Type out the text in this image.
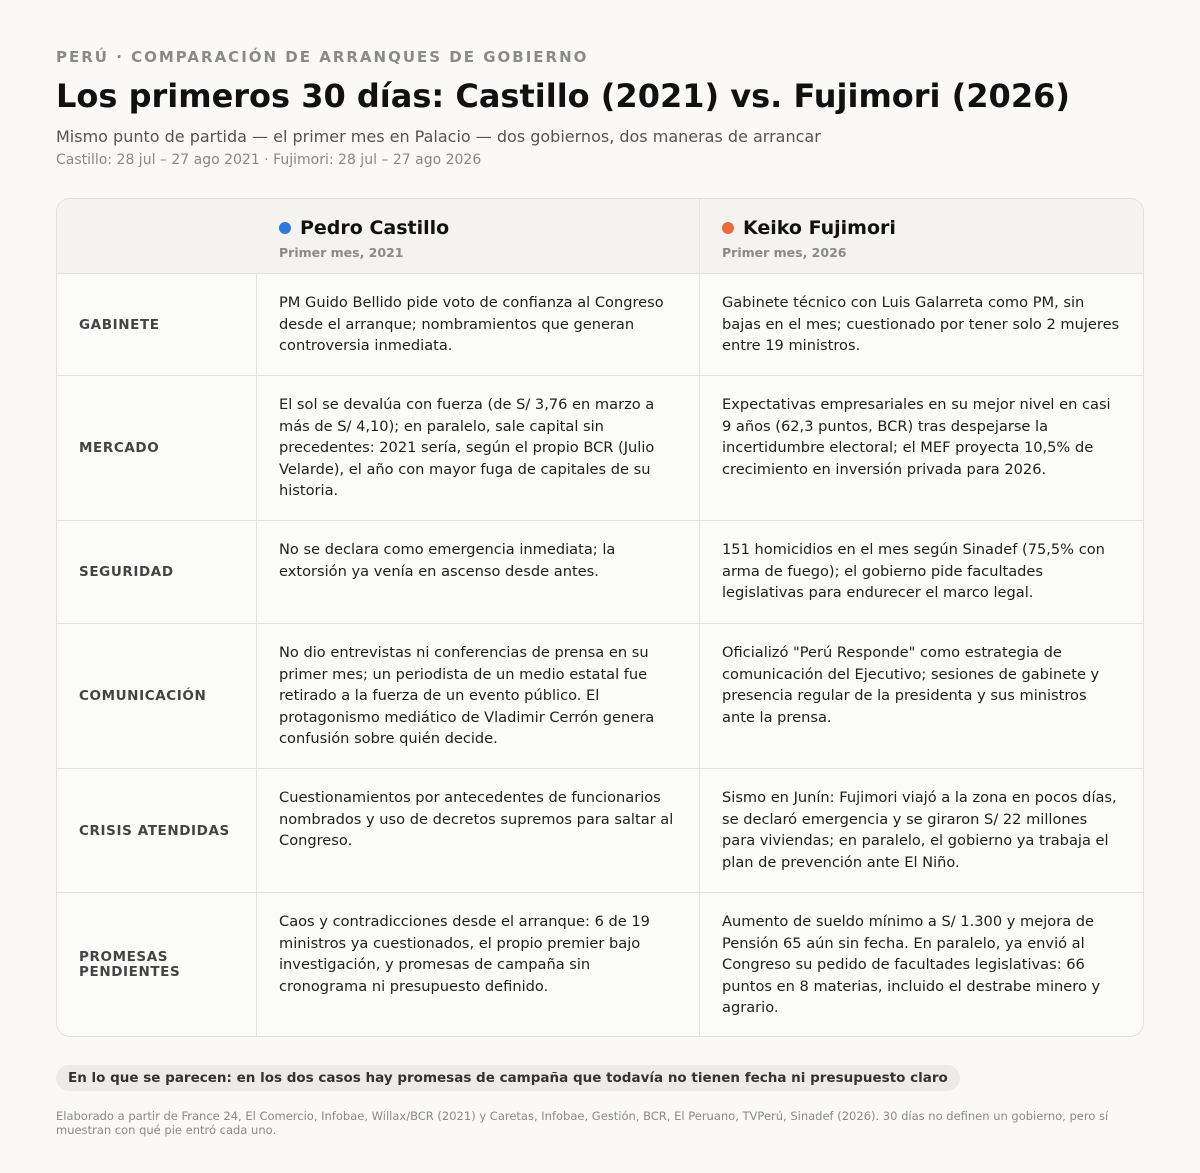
PERÚ · COMPARACIÓN DE ARRANQUES DE GOBIERNO
Los primeros 30 días: Castillo (2021) vs. Fujimori (2026)

Mismo punto de partida — el primer mes en Palacio — dos gobiernos, dos maneras de arrancar

Castillo: 28 jul – 27 ago 2021 · Fujimori: 28 jul – 27 ago 2026

Pedro Castillo
Primer mes, 2021
Keiko Fujimori
Primer mes, 2026
GABINETE

PM Guido Bellido pide voto de confianza al Congreso desde el arranque; nombramientos que generan controversia inmediata.

Gabinete técnico con Luis Galarreta como PM, sin bajas en el mes; cuestionado por tener solo 2 mujeres entre 19 ministros.

MERCADO

El sol se devalúa con fuerza (de S/ 3,76 en marzo a más de S/ 4,10); en paralelo, sale capital sin precedentes: 2021 sería, según el propio BCR (Julio Velarde), el año con mayor fuga de capitales de su historia.

Expectativas empresariales en su mejor nivel en casi 9 años (62,3 puntos, BCR) tras despejarse la incertidumbre electoral; el MEF proyecta 10,5% de crecimiento en inversión privada para 2026.

SEGURIDAD

No se declara como emergencia inmediata; la extorsión ya venía en ascenso desde antes.

151 homicidios en el mes según Sinadef (75,5% con arma de fuego); el gobierno pide facultades legislativas para endurecer el marco legal.

COMUNICACIÓN

No dio entrevistas ni conferencias de prensa en su primer mes; un periodista de un medio estatal fue retirado a la fuerza de un evento público. El protagonismo mediático de Vladimir Cerrón genera confusión sobre quién decide.

Oficializó "Perú Responde" como estrategia de comunicación del Ejecutivo; sesiones de gabinete y presencia regular de la presidenta y sus ministros ante la prensa.

CRISIS ATENDIDAS

Cuestionamientos por antecedentes de funcionarios nombrados y uso de decretos supremos para saltar al Congreso.

Sismo en Junín: Fujimori viajó a la zona en pocos días, se declaró emergencia y se giraron S/ 22 millones para viviendas; en paralelo, el gobierno ya trabaja el plan de prevención ante El Niño.

PROMESAS
PENDIENTES

Caos y contradicciones desde el arranque: 6 de 19 ministros ya cuestionados, el propio premier bajo investigación, y promesas de campaña sin cronograma ni presupuesto definido.

Aumento de sueldo mínimo a S/ 1.300 y mejora de Pensión 65 aún sin fecha. En paralelo, ya envió al Congreso su pedido de facultades legislativas: 66 puntos en 8 materias, incluido el destrabe minero y agrario.

En lo que se parecen: en los dos casos hay promesas de campaña que todavía no tienen fecha ni presupuesto claro
Elaborado a partir de France 24, El Comercio, Infobae, Willax/BCR (2021) y Caretas, Infobae, Gestión, BCR, El Peruano, TVPerú, Sinadef (2026). 30 días no definen un gobierno, pero sí muestran con qué pie entró cada uno.
